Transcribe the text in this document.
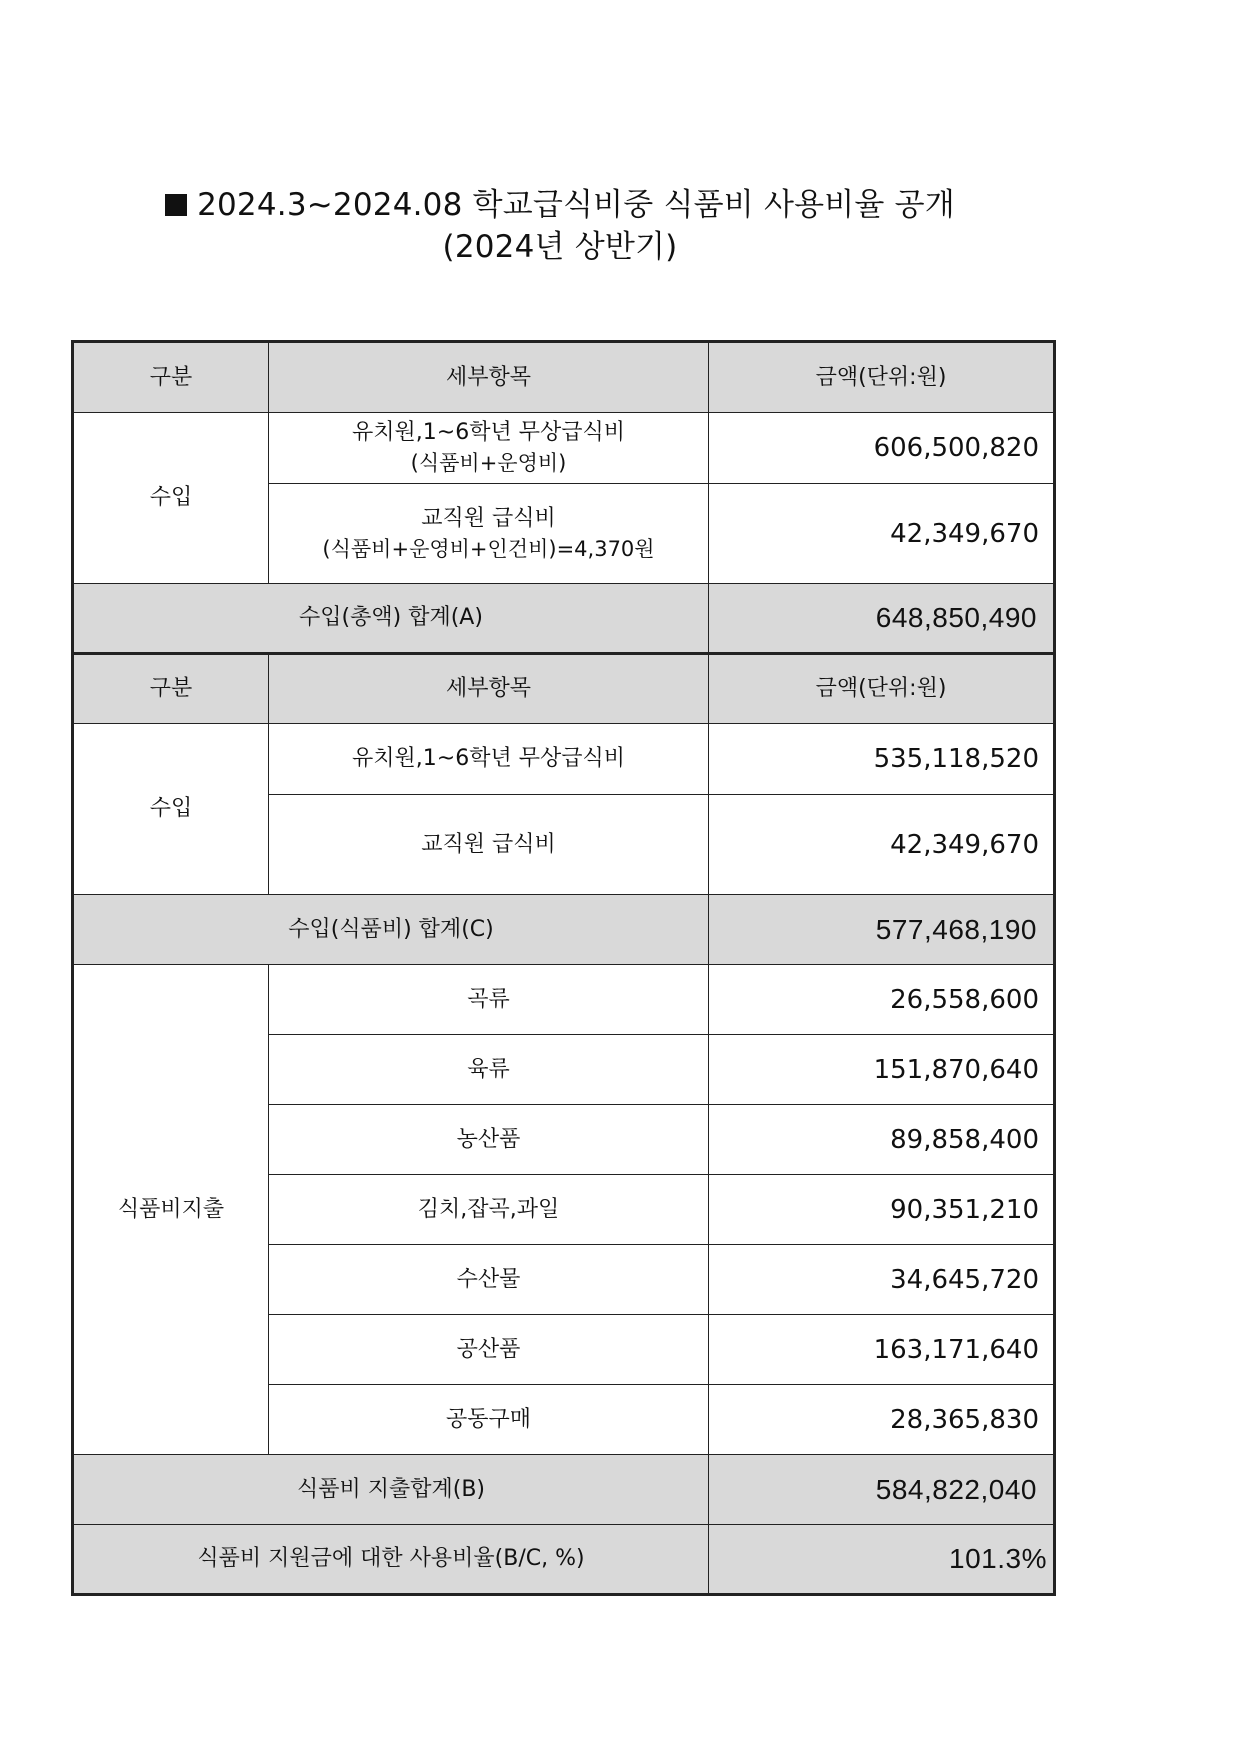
2024.3~2024.08 학교급식비중 식품비 사용비율 공개
(2024년 상반기)
구분	세부항목	금액(단위:원)
수입	유치원,1~6학년 무상급식비
(식품비+운영비)	606,500,820

	교직원 급식비
(식품비+운영비+인건비)=4,370원	42,349,670
수입(총액) 합계(A)		648,850,490
구분	세부항목	금액(단위:원)
수입	유치원,1~6학년 무상급식비	535,118,520
	교직원 급식비	42,349,670
수입(식품비) 합계(C)		577,468,190
식품비지출	곡류	26,558,600
	육류	151,870,640
	농산품	89,858,400
	김치,잡곡,과일	90,351,210
	수산물	34,645,720
	공산품	163,171,640
	공동구매	28,365,830
식품비 지출합계(B)		584,822,040
식품비 지원금에 대한 사용비율(B/C, %)		101.3%
